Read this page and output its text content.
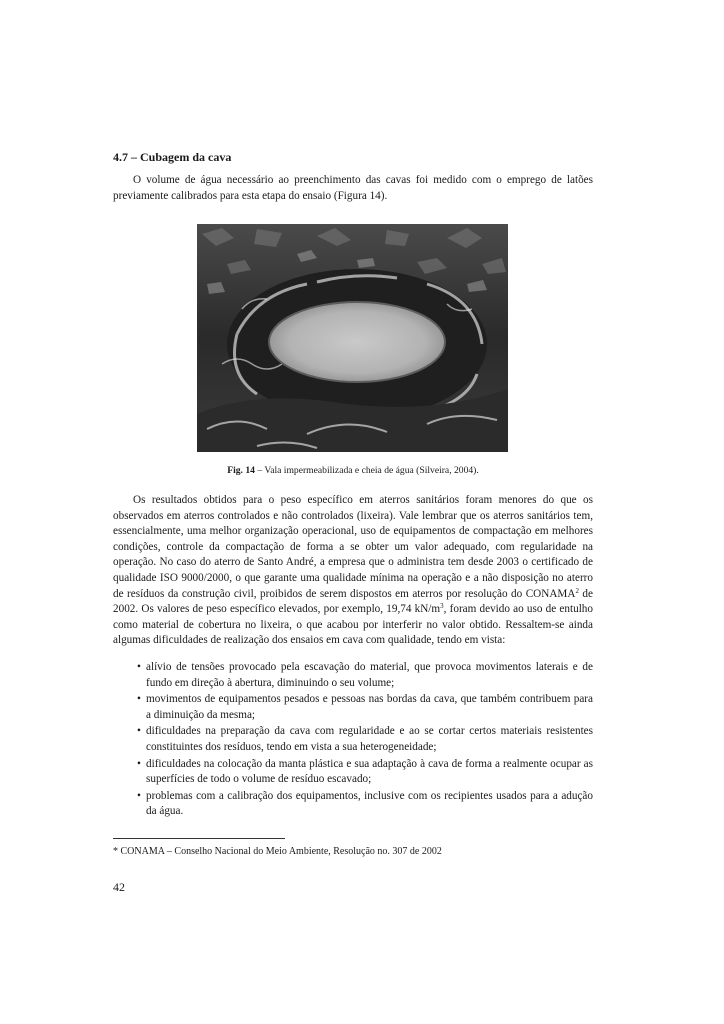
4.7 – Cubagem da cava

O volume de água necessário ao preenchimento das cavas foi medido com o emprego de latões previamente calibrados para esta etapa do ensaio (Figura 14).

Fig. 14 – Vala impermeabilizada e cheia de água (Silveira, 2004).

Os resultados obtidos para o peso específico em aterros sanitários foram menores do que os observados em aterros controlados e não controlados (lixeira). Vale lembrar que os aterros sanitários tem, essencialmente, uma melhor organização operacional, uso de equipamentos de compactação em melhores condições, controle da compactação de forma a se obter um valor adequado, com regularidade na operação. No caso do aterro de Santo André, a empresa que o administra tem desde 2003 o certificado de qualidade ISO 9000/2000, o que garante uma qualidade mínima na operação e a não disposição no aterro de resíduos da construção civil, proibidos de serem dispostos em aterros por resolução do CONAMA$^2$ de 2002. Os valores de peso específico elevados, por exemplo, 19,74 $kN/m^3$, foram devido ao uso de entulho como material de cobertura no lixeira, o que acabou por interferir no valor obtido. Ressaltem-se ainda algumas dificuldades de realização dos ensaios em cava com qualidade, tendo em vista:

• alívio de tensões provocado pela escavação do material, que provoca movimentos laterais e de fundo em direção à abertura, diminuindo o seu volume;
• movimentos de equipamentos pesados e pessoas nas bordas da cava, que também contribuem para a diminuição da mesma;
• dificuldades na preparação da cava com regularidade e ao se cortar certos materiais resistentes constituintes dos resíduos, tendo em vista a sua heterogeneidade;
• dificuldades na colocação da manta plástica e sua adaptação à cava de forma a realmente ocupar as superfícies de todo o volume de resíduo escavado;
• problemas com a calibração dos equipamentos, inclusive com os recipientes usados para a adução da água.
* CONAMA – Conselho Nacional do Meio Ambiente, Resolução no. 307 de 2002
42
